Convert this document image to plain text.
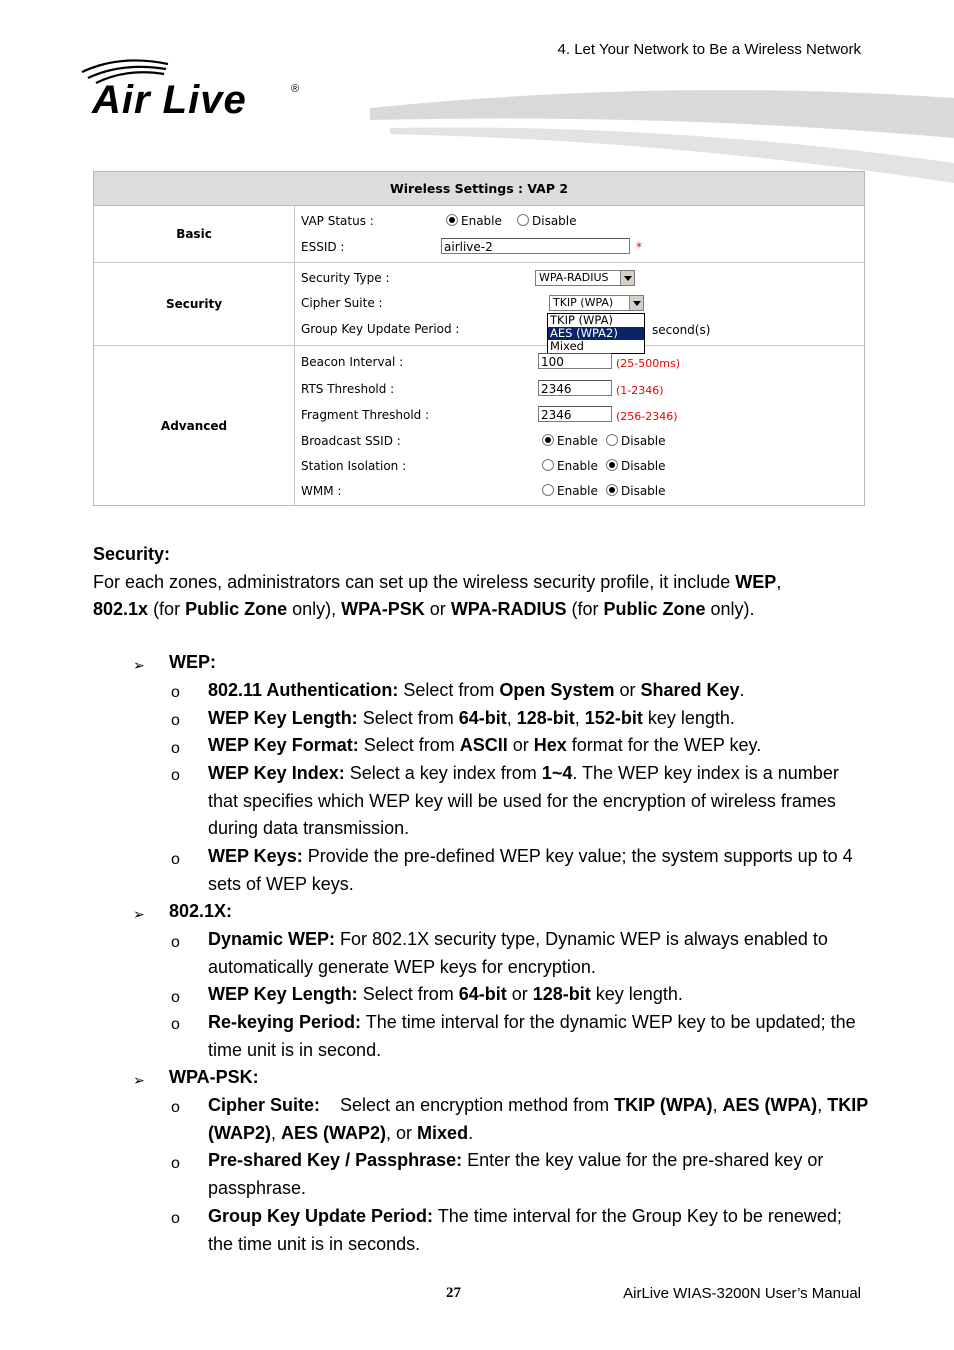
4. Let Your Network to Be a Wireless Network
Air Live	®
Wireless Settings : VAP 2
Basic
VAP Status :	Enable	Disable
ESSID :	airlive-2	*
Security
Security Type :	WPA-RADIUS
Cipher Suite :	TKIP (WPA)
Group Key Update Period :	second(s)
TKIP (WPA)
AES (WPA2)
Mixed
Advanced
Beacon Interval :	100	(25-500ms)
RTS Threshold :	2346	(1-2346)
Fragment Threshold :	2346	(256-2346)
Broadcast SSID :	Enable	Disable
Station Isolation :	Enable	Disable
WMM :	Enable	Disable

Security:

For each zones, administrators can set up the wireless security profile, it include WEP,
802.1x (for Public Zone only), WPA-PSK or WPA-RADIUS (for Public Zone only).

➢ WEP:
o 802.11 Authentication: Select from Open System or Shared Key.
o WEP Key Length: Select from 64-bit, 128-bit, 152-bit key length.
o WEP Key Format: Select from ASCII or Hex format for the WEP key.
o WEP Key Index: Select a key index from 1~4. The WEP key index is a number that specifies which WEP key will be used for the encryption of wireless frames during data transmission.
o WEP Keys: Provide the pre-defined WEP key value; the system supports up to 4 sets of WEP keys.
➢ 802.1X:
o Dynamic WEP: For 802.1X security type, Dynamic WEP is always enabled to automatically generate WEP keys for encryption.
o WEP Key Length: Select from 64-bit or 128-bit key length.
o Re-keying Period: The time interval for the dynamic WEP key to be updated; the time unit is in second.
➢ WPA-PSK:
o Cipher Suite:    Select an encryption method from TKIP (WPA), AES (WPA), TKIP (WAP2), AES (WAP2), or Mixed.
o Pre-shared Key / Passphrase: Enter the key value for the pre-shared key or passphrase.
o Group Key Update Period: The time interval for the Group Key to be renewed; the time unit is in seconds.
27	AirLive WIAS-3200N User’s Manual
